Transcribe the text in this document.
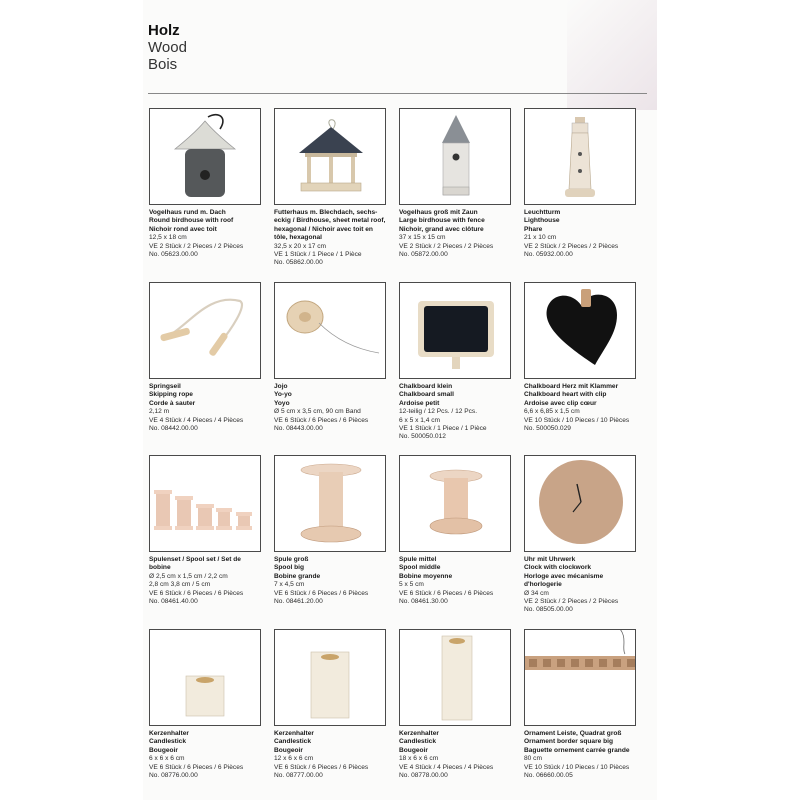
Holz
Wood
Bois
Vogelhaus rund m. Dach
Round birdhouse with roof
Nichoir rond avec toit
12,5 x 18 cm
VE 2 Stück / 2 Pieces / 2 Pièces
No. 05623.00.00
Futterhaus m. Blechdach, sechs-eckig / Birdhouse, sheet metal roof, hexagonal / Nichoir avec toit en tôle, hexagonal
32,5 x 20 x 17 cm
VE 1 Stück / 1 Piece / 1 Pièce
No. 05862.00.00
Vogelhaus groß mit Zaun
Large birdhouse with fence
Nichoir, grand avec clôture
37 x 15 x 15 cm
VE 2 Stück / 2 Pieces / 2 Pièces
No. 05872.00.00
Leuchtturm
Lighthouse
Phare
21 x 10 cm
VE 2 Stück / 2 Pieces / 2 Pièces
No. 05932.00.00
Springseil
Skipping rope
Corde à sauter
2,12 m
VE 4 Stück / 4 Pieces / 4 Pièces
No. 08442.00.00
Jojo
Yo-yo
Yoyo
Ø 5 cm x 3,5 cm, 90 cm Band
VE 6 Stück / 6 Pieces / 6 Pièces
No. 08443.00.00
Chalkboard klein
Chalkboard small
Ardoise petit
12-teilig / 12 Pcs. / 12 Pcs.
6 x 5 x 1,4 cm
VE 1 Stück / 1 Piece / 1 Pièce
No. 500050.012
Chalkboard Herz mit Klammer
Chalkboard heart with clip
Ardoise avec clip cœur
6,6 x 6,85 x 1,5 cm
VE 10 Stück / 10 Pieces / 10 Pièces
No. 500050.029
Spulenset / Spool set / Set de bobine
Ø 2,5 cm x 1,5 cm / 2,2 cm
2,8 cm 3,8 cm / 5 cm
VE 6 Stück / 6 Pieces / 6 Pièces
No. 08461.40.00
Spule groß
Spool big
Bobine grande
7 x 4,5 cm
VE 6 Stück / 6 Pieces / 6 Pièces
No. 08461.20.00
Spule mittel
Spool middle
Bobine moyenne
5 x 5 cm
VE 6 Stück / 6 Pieces / 6 Pièces
No. 08461.30.00
Uhr mit Uhrwerk
Clock with clockwork
Horloge avec mécanisme d'horlogerie
Ø 34 cm
VE 2 Stück / 2 Pieces / 2 Pièces
No. 08505.00.00
Kerzenhalter
Candlestick
Bougeoir
6 x 6 x 6 cm
VE 6 Stück / 6 Pieces / 6 Pièces
No. 08776.00.00
Kerzenhalter
Candlestick
Bougeoir
12 x 6 x 6 cm
VE 6 Stück / 6 Pieces / 6 Pièces
No. 08777.00.00
Kerzenhalter
Candlestick
Bougeoir
18 x 6 x 6 cm
VE 4 Stück / 4 Pieces / 4 Pièces
No. 08778.00.00
Ornament Leiste, Quadrat groß
Ornament border square big
Baguette ornement carrée grande
80 cm
VE 10 Stück / 10 Pieces / 10 Pièces
No. 06660.00.05
